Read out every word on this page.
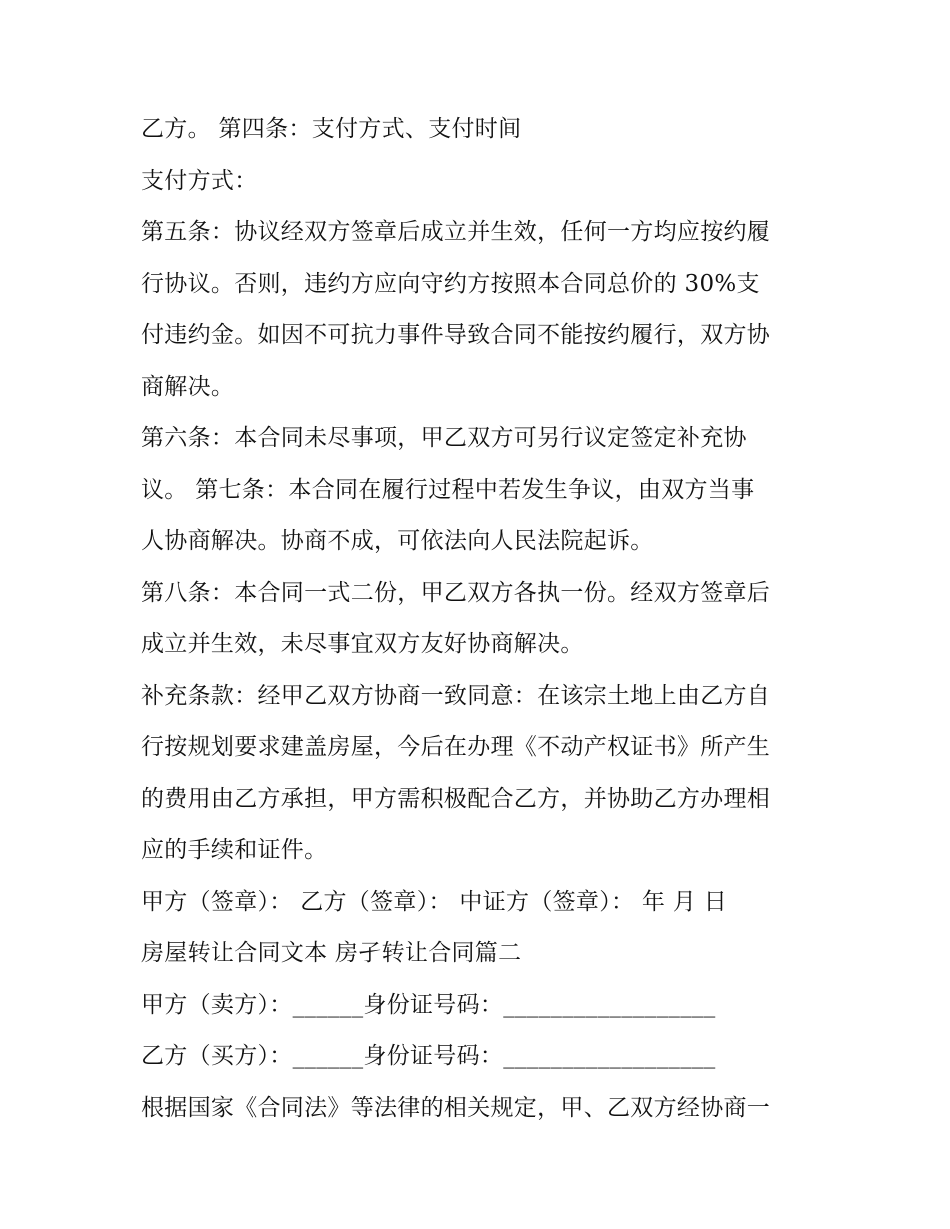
乙方。 第四条：支付方式、支付时间
支付方式：
第五条：协议经双方签章后成立并生效，任何一方均应按约履
行协议。否则，违约方应向守约方按照本合同总价的 30%支
付违约金。如因不可抗力事件导致合同不能按约履行，双方协
商解决。
第六条：本合同未尽事项，甲乙双方可另行议定签定补充协
议。 第七条：本合同在履行过程中若发生争议，由双方当事
人协商解决。协商不成，可依法向人民法院起诉。
第八条：本合同一式二份，甲乙双方各执一份。经双方签章后
成立并生效，未尽事宜双方友好协商解决。
补充条款：经甲乙双方协商一致同意：在该宗土地上由乙方自
行按规划要求建盖房屋，今后在办理《不动产权证书》所产生
的费用由乙方承担，甲方需积极配合乙方，并协助乙方办理相
应的手续和证件。
甲方（签章）： 乙方（签章）： 中证方（签章）： 年 月 日
房屋转让合同文本 房孑转让合同篇二
甲方（卖方）：______身份证号码：__________________
乙方（买方）：______身份证号码：__________________
根据国家《合同法》等法律的相关规定，甲、乙双方经协商一
